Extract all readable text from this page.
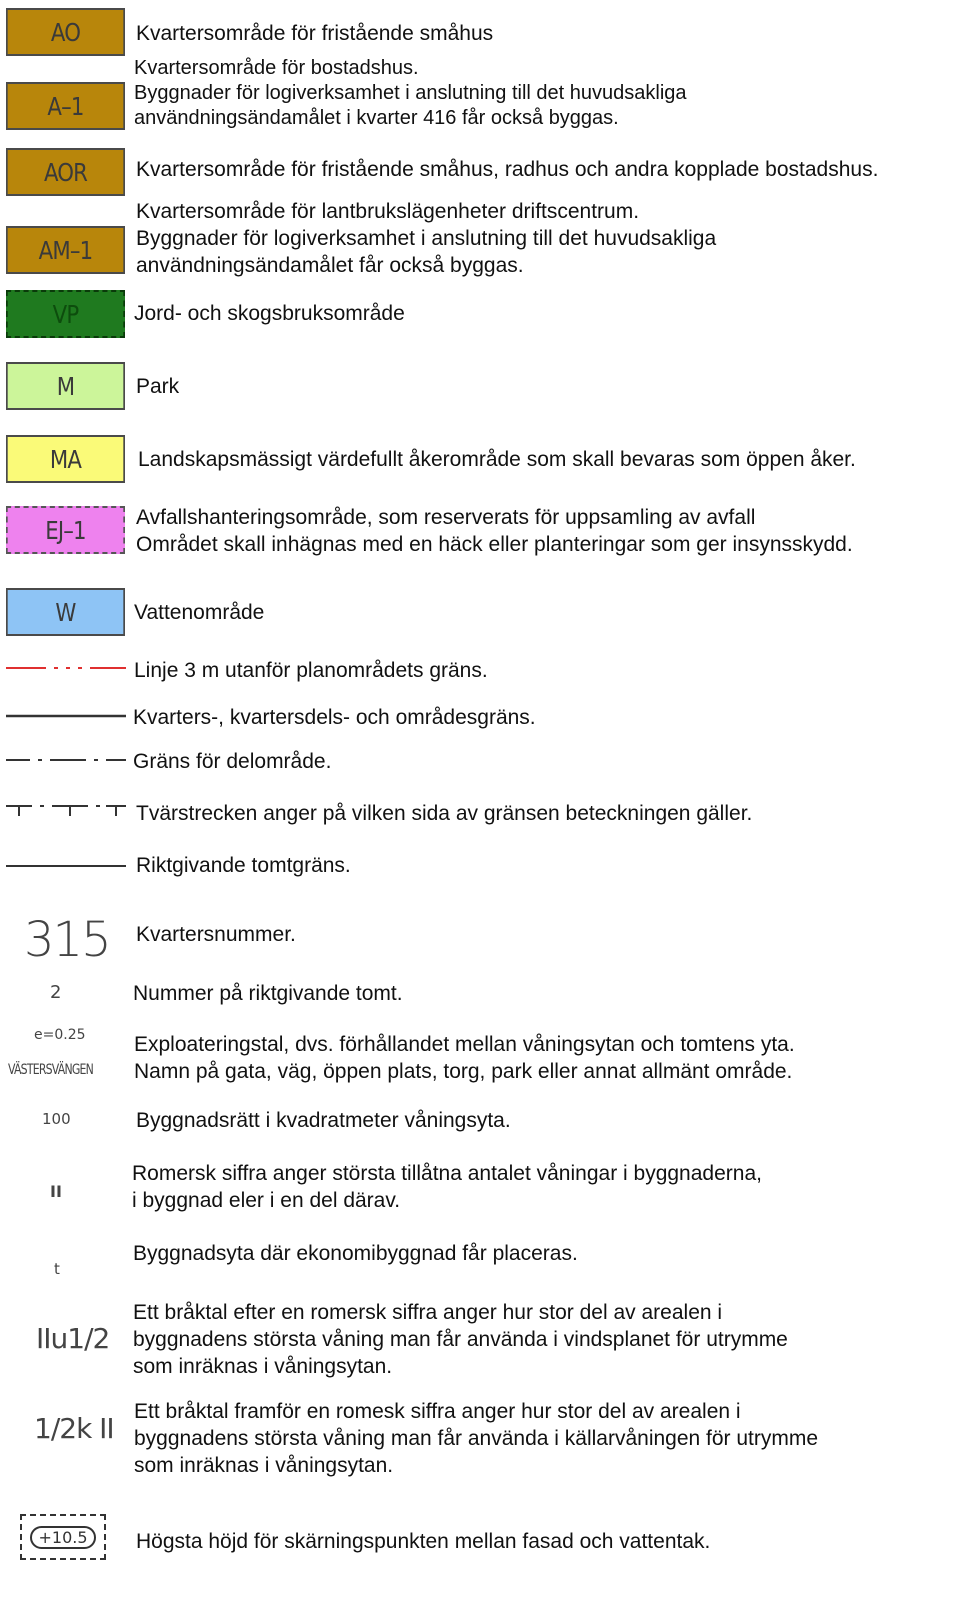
AO	Kvartersområde för fristående småhus
A–1
Kvartersområde för bostadshus.
Byggnader för logiverksamhet i anslutning till det huvudsakliga
användningsändamålet i kvarter 416 får också byggas.
AOR Kvartersområde för fristående småhus, radhus och andra kopplade bostadshus.
AM–1
Kvartersområde för lantbrukslägenheter driftscentrum.
Byggnader för logiverksamhet i anslutning till det huvudsakliga
användningsändamålet får också byggas.
VP	Jord- och skogsbruksområde
M	Park
MA	Landskapsmässigt värdefullt åkerområde som skall bevaras som öppen åker.
EJ–1 Avfallshanteringsområde, som reserverats för uppsamling av avfall
Området skall inhägnas med en häck eller planteringar som ger insynsskydd.
W	Vattenområde
Linje 3 m utanför planområdets gräns.
Kvarters-, kvartersdels- och områdesgräns.
Gräns för delområde.
Tvärstrecken anger på vilken sida av gränsen beteckningen gäller.
Riktgivande tomtgräns.
315 Kvartersnummer.
2	Nummer på riktgivande tomt.
e=0.25 Exploateringstal, dvs. förhållandet mellan våningsytan och tomtens yta.
VÄSTERSVÄNGEN Namn på gata, väg, öppen plats, torg, park eller annat allmänt område.
100	Byggnadsrätt i kvadratmeter våningsyta.
II
Romersk siffra anger största tillåtna antalet våningar i byggnaderna,
i byggnad eler i en del därav.
t
Byggnadsyta där ekonomibyggnad får placeras.
IIu1/2
Ett bråktal efter en romersk siffra anger hur stor del av arealen i
byggnadens största våning man får använda i vindsplanet för utrymme
som inräknas i våningsytan.
1/2k II
Ett bråktal framför en romesk siffra anger hur stor del av arealen i
byggnadens största våning man får använda i källarvåningen för utrymme
som inräknas i våningsytan.
+10.5	Högsta höjd för skärningspunkten mellan fasad och vattentak.
